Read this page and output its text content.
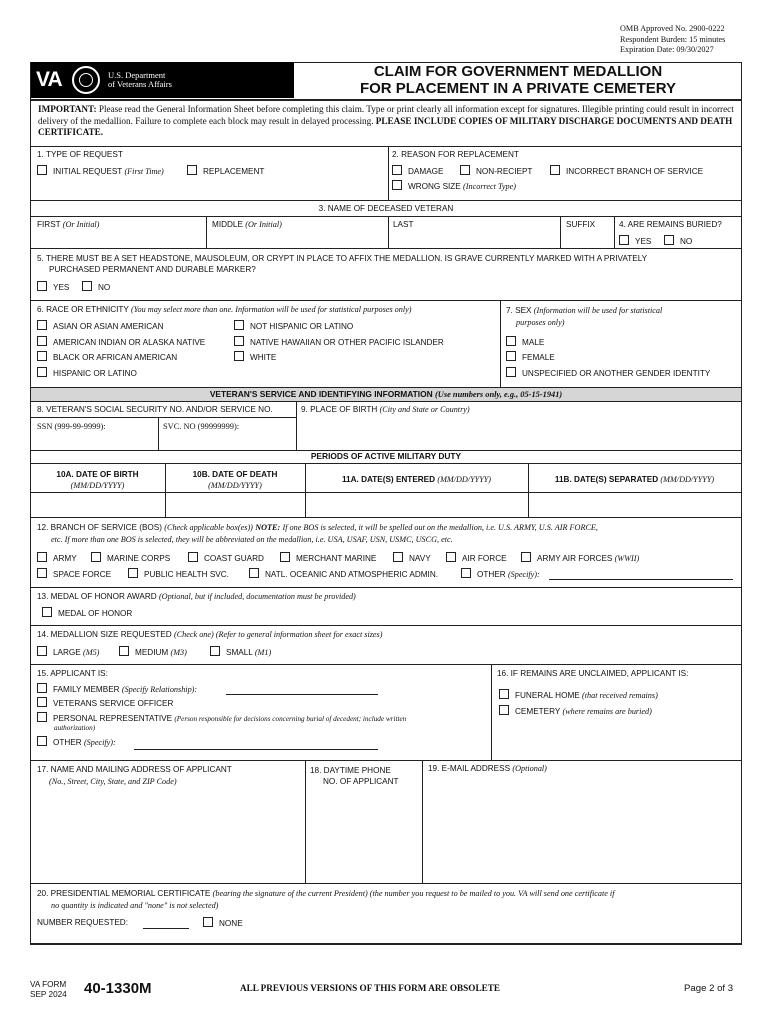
OMB Approved No. 2900-0222
Respondent Burden: 15 minutes
Expiration Date: 09/30/2027
VA	U.S. Department
of Veterans Affairs
CLAIM FOR GOVERNMENT MEDALLION
FOR PLACEMENT IN A PRIVATE CEMETERY
IMPORTANT: Please read the General Information Sheet before completing this claim. Type or print clearly all information except for signatures. Illegible printing could result in incorrect delivery of the medallion. Failure to complete each block may result in delayed processing. PLEASE INCLUDE COPIES OF MILITARY DISCHARGE DOCUMENTS AND DEATH CERTIFICATE.
1. TYPE OF REQUEST
INITIAL REQUEST (First Time)	REPLACEMENT
2. REASON FOR REPLACEMENT
DAMAGE	NON-RECIEPT	INCORRECT BRANCH OF SERVICE
WRONG SIZE (Incorrect Type)
3. NAME OF DECEASED VETERAN
FIRST (Or Initial)	MIDDLE (Or Initial)	LAST	SUFFIX	4. ARE REMAINS BURIED?
YES	NO
5. THERE MUST BE A SET HEADSTONE, MAUSOLEUM, OR CRYPT IN PLACE TO AFFIX THE MEDALLION. IS GRAVE CURRENTLY MARKED WITH A PRIVATELY
PURCHASED PERMANENT AND DURABLE MARKER?
YES	NO
6. RACE OR ETHNICITY (You may select more than one. Information will be used for statistical purposes only)
ASIAN OR ASIAN AMERICAN	NOT HISPANIC OR LATINO
AMERICAN INDIAN OR ALASKA NATIVE	NATIVE HAWAIIAN OR OTHER PACIFIC ISLANDER
BLACK OR AFRICAN AMERICAN	WHITE
HISPANIC OR LATINO
7. SEX (Information will be used for statistical
purposes only)
MALE
FEMALE
UNSPECIFIED OR ANOTHER GENDER IDENTITY
VETERAN'S SERVICE AND IDENTIFYING INFORMATION (Use numbers only, e.g., 05-15-1941)
8. VETERAN'S SOCIAL SECURITY NO. AND/OR SERVICE NO.
SSN (999-99-9999):	SVC. NO (99999999):
9. PLACE OF BIRTH (City and State or Country)
PERIODS OF ACTIVE MILITARY DUTY
10A. DATE OF BIRTH
(MM/DD/YYYY)
10B. DATE OF DEATH
(MM/DD/YYYY)
11A. DATE(S) ENTERED (MM/DD/YYYY)	11B. DATE(S) SEPARATED (MM/DD/YYYY)
12. BRANCH OF SERVICE (BOS) (Check applicable box(es)) NOTE: If one BOS is selected, it will be spelled out on the medallion, i.e. U.S. ARMY, U.S. AIR FORCE,
etc. If more than one BOS is selected, they will be abbreviated on the medallion, i.e. USA, USAF, USN, USMC, USCG, etc.
ARMY	MARINE CORPS	COAST GUARD	MERCHANT MARINE	NAVY	AIR FORCE	ARMY AIR FORCES (WWII)
SPACE FORCE	PUBLIC HEALTH SVC.	NATL. OCEANIC AND ATMOSPHERIC ADMIN.	OTHER (Specify):
13. MEDAL OF HONOR AWARD (Optional, but if included, documentation must be provided)
MEDAL OF HONOR
14. MEDALLION SIZE REQUESTED (Check one) (Refer to general information sheet for exact sizes)
LARGE (M5)	MEDIUM (M3)	SMALL (M1)
15. APPLICANT IS:
FAMILY MEMBER (Specify Relationship):
VETERANS SERVICE OFFICER
PERSONAL REPRESENTATIVE (Person responsible for decisions concerning burial of decedent; include written
authorization)
OTHER (Specify):
16. IF REMAINS ARE UNCLAIMED, APPLICANT IS:
FUNERAL HOME (that received remains)
CEMETERY (where remains are buried)
17. NAME AND MAILING ADDRESS OF APPLICANT
(No., Street, City, State, and ZIP Code)
18. DAYTIME PHONE
NO. OF APPLICANT
19. E-MAIL ADDRESS (Optional)
20. PRESIDENTIAL MEMORIAL CERTIFICATE (bearing the signature of the current President) (the number you request to be mailed to you. VA will send one certificate if
no quantity is indicated and "none" is not selected)
NUMBER REQUESTED:	NONE
VA FORM
SEP 2024 40-1330M	ALL PREVIOUS VERSIONS OF THIS FORM ARE OBSOLETE	Page 2 of 3
